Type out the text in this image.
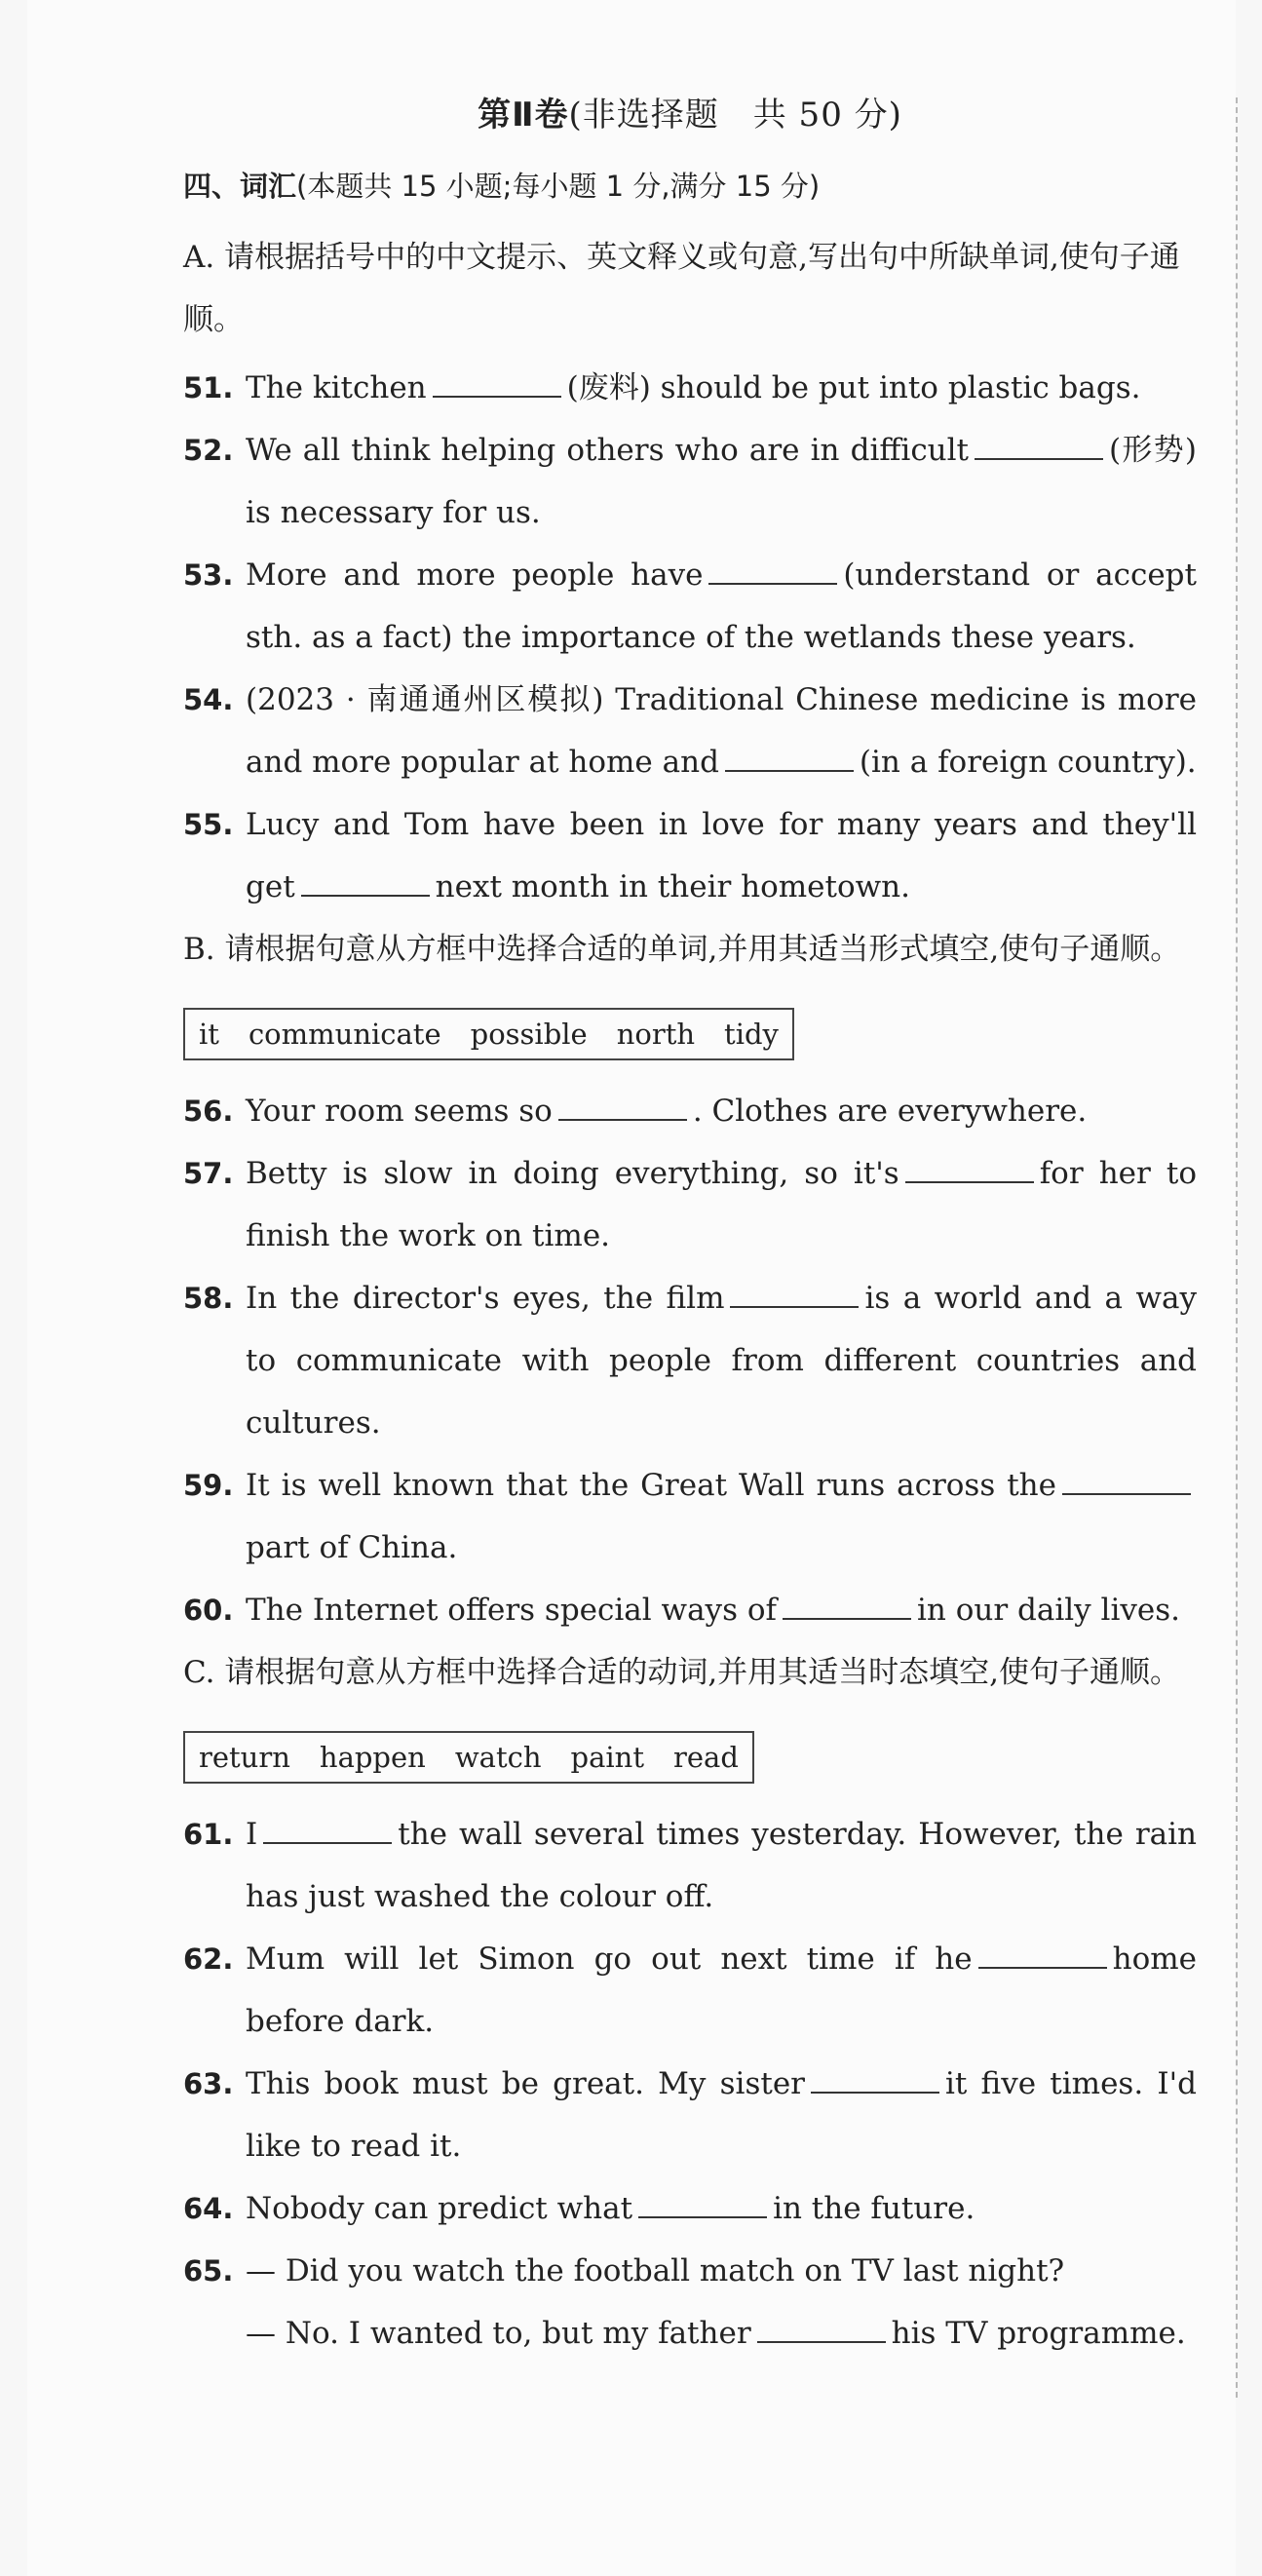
第Ⅱ卷(非选择题　共 50 分)
四、词汇(本题共 15 小题;每小题 1 分,满分 15 分)
A. 请根据括号中的中文提示、英文释义或句意,写出句中所缺单词,使句子通顺。
51. The kitchen	(废料) should be put into plastic bags.
52. We all think helping others who are in difficult	(形势) is necessary for us.
53. More and more people have	(understand or accept sth. as a fact) the importance of the wetlands these years.
54. (2023 · 南通通州区模拟) Traditional Chinese medicine is more and more popular at home and	(in a foreign country).
55. Lucy and Tom have been in love for many years and they'll get	next month in their hometown.
B. 请根据句意从方框中选择合适的单词,并用其适当形式填空,使句子通顺。
it communicate possible north tidy
56. Your room seems so	. Clothes are everywhere.
57. Betty is slow in doing everything, so it's	for her to finish the work on time.
58. In the director's eyes, the film	is a world and a way to communicate with people from different countries and cultures.
59. It is well known that the Great Wall runs across thepart of China.
60. The Internet offers special ways of	in our daily lives.
C. 请根据句意从方框中选择合适的动词,并用其适当时态填空,使句子通顺。
return happen watch paint read
61. I	the wall several times yesterday. However, the rain has just washed the colour off.
62. Mum will let Simon go out next time if he	home before dark.
63. This book must be great. My sister	it five times. I'd like to read it.
64. Nobody can predict what	in the future.
65. — Did you watch the football match on TV last night?
— No. I wanted to, but my father	his TV programme.
